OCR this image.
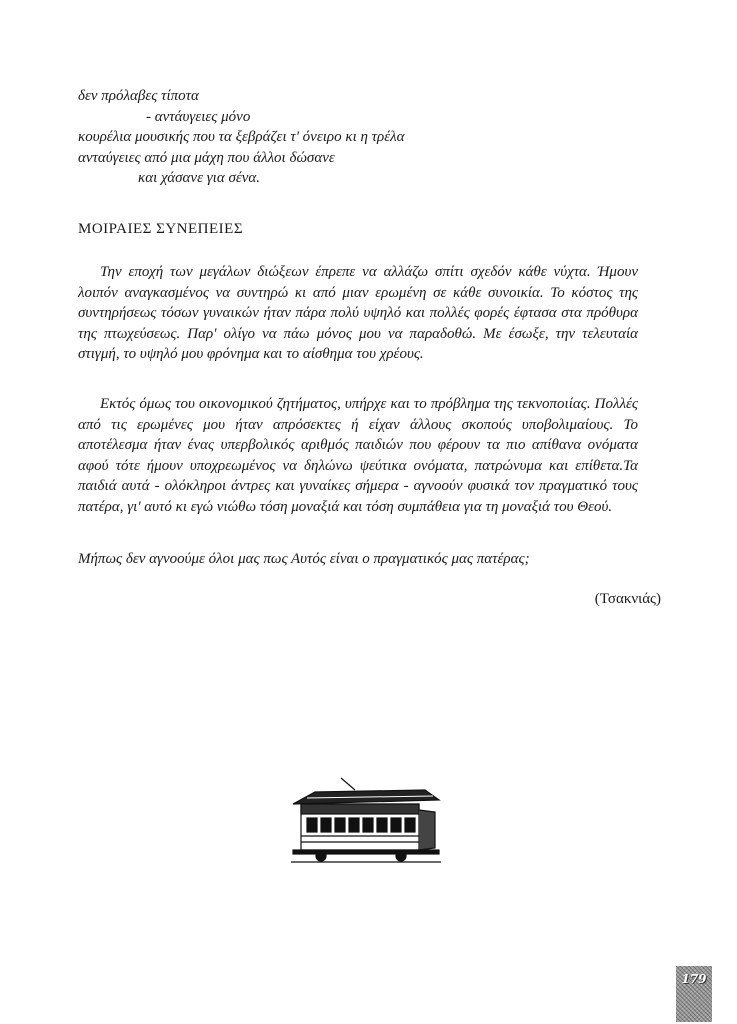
δεν πρόλαβες τίποτα
- αντάυγειες μόνο
κουρέλια μουσικής που τα ξεβράζει τ' όνειρο κι η τρέλα
ανταύγειες από μια μάχη που άλλοι δώσανε
και χάσανε για σένα.
ΜΟΙΡΑΙΕΣ ΣΥΝΕΠΕΙΕΣ

Την εποχή των μεγάλων διώξεων έπρεπε να αλλάζω σπίτι σχεδόν κάθε νύχτα. Ήμουν λοιπόν αναγκασμένος να συντηρώ κι από μιαν ερωμένη σε κάθε συνοικία. Το κόστος της συντηρήσεως τόσων γυναικών ήταν πάρα πολύ υψηλό και πολλές φορές έφτασα στα πρόθυρα της πτωχεύσεως. Παρ' ολίγο να πάω μόνος μου να παραδοθώ. Με έσωξε, την τελευταία στιγμή, το υψηλό μου φρόνημα και το αίσθημα του χρέους.

Εκτός όμως του οικονομικού ζητήματος, υπήρχε και το πρόβλημα της τεκνοποιίας. Πολλές από τις ερωμένες μου ήταν απρόσεκτες ή είχαν άλλους σκοπούς υποβολιμαίους. Το αποτέλεσμα ήταν ένας υπερβολικός αριθμός παιδιών που φέρουν τα πιο απίθανα ονόματα αφού τότε ήμουν υποχρεωμένος να δηλώνω ψεύτικα ονόματα, πατρώνυμα και επίθετα.Τα παιδιά αυτά - ολόκληροι άντρες και γυναίκες σήμερα - αγνοούν φυσικά τον πραγματικό τους πατέρα, γι' αυτό κι εγώ νιώθω τόση μοναξιά και τόση συμπάθεια για τη μοναξιά του Θεού.

Μήπως δεν αγνοούμε όλοι μας πως Αυτός είναι ο πραγματικός μας πατέρας;

(Τσακνιάς)
179
